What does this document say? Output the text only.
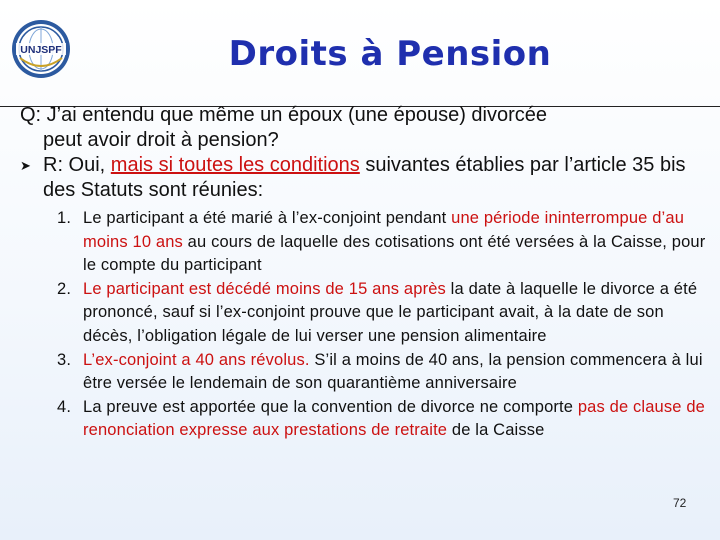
UNJSPF	Droits à Pension

Q: J’ai entendu que même un époux (une épouse) divorcée
peut avoir droit à pension?

➤ R: Oui, mais si toutes les conditions suivantes établies par l’article 35 bis des Statuts sont réunies:

1. Le participant a été marié à l’ex-conjoint pendant une période ininterrompue d’au moins 10 ans au cours de laquelle des cotisations ont été versées à la Caisse, pour le compte du participant
2. Le participant est décédé moins de 15 ans après la date à laquelle le divorce a été prononcé, sauf si l’ex-conjoint prouve que le participant avait, à la date de son décès, l’obligation légale de lui verser une pension alimentaire
3. L’ex-conjoint a 40 ans révolus. S’il a moins de 40 ans, la pension commencera à lui être versée le lendemain de son quarantième anniversaire
4. La preuve est apportée que la convention de divorce ne comporte pas de clause de renonciation expresse aux prestations de retraite de la Caisse
72
